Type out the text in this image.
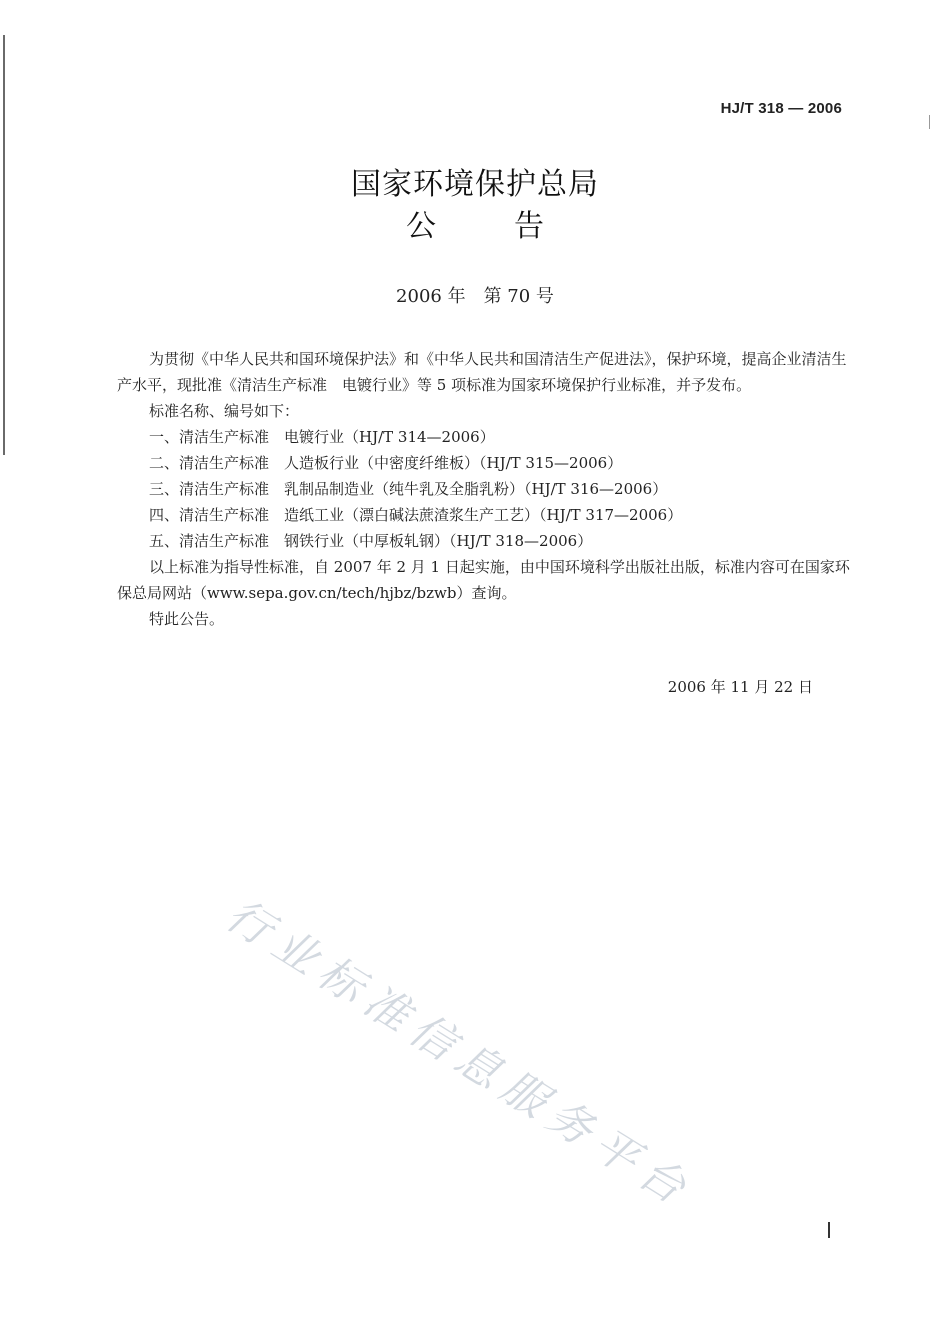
HJ/T 318 — 2006

国家环境保护总局

公	告

2006 年　第 70 号

为贯彻《中华人民共和国环境保护法》和《中华人民共和国清洁生产促进法》，保护环境，提高企业清洁生产水平，现批准《清洁生产标准　电镀行业》等 5 项标准为国家环境保护行业标准，并予发布。

标准名称、编号如下：

一、清洁生产标准　电镀行业（HJ/T 314—2006）

二、清洁生产标准　人造板行业（中密度纤维板）（HJ/T 315—2006）

三、清洁生产标准　乳制品制造业（纯牛乳及全脂乳粉）（HJ/T 316—2006）

四、清洁生产标准　造纸工业（漂白碱法蔗渣浆生产工艺）（HJ/T 317—2006）

五、清洁生产标准　钢铁行业（中厚板轧钢）（HJ/T 318—2006）

以上标准为指导性标准，自 2007 年 2 月 1 日起实施，由中国环境科学出版社出版，标准内容可在国家环保总局网站（www.sepa.gov.cn/tech/hjbz/bzwb）查询。

特此公告。

2006 年 11 月 22 日
行业标准信息服务平台
